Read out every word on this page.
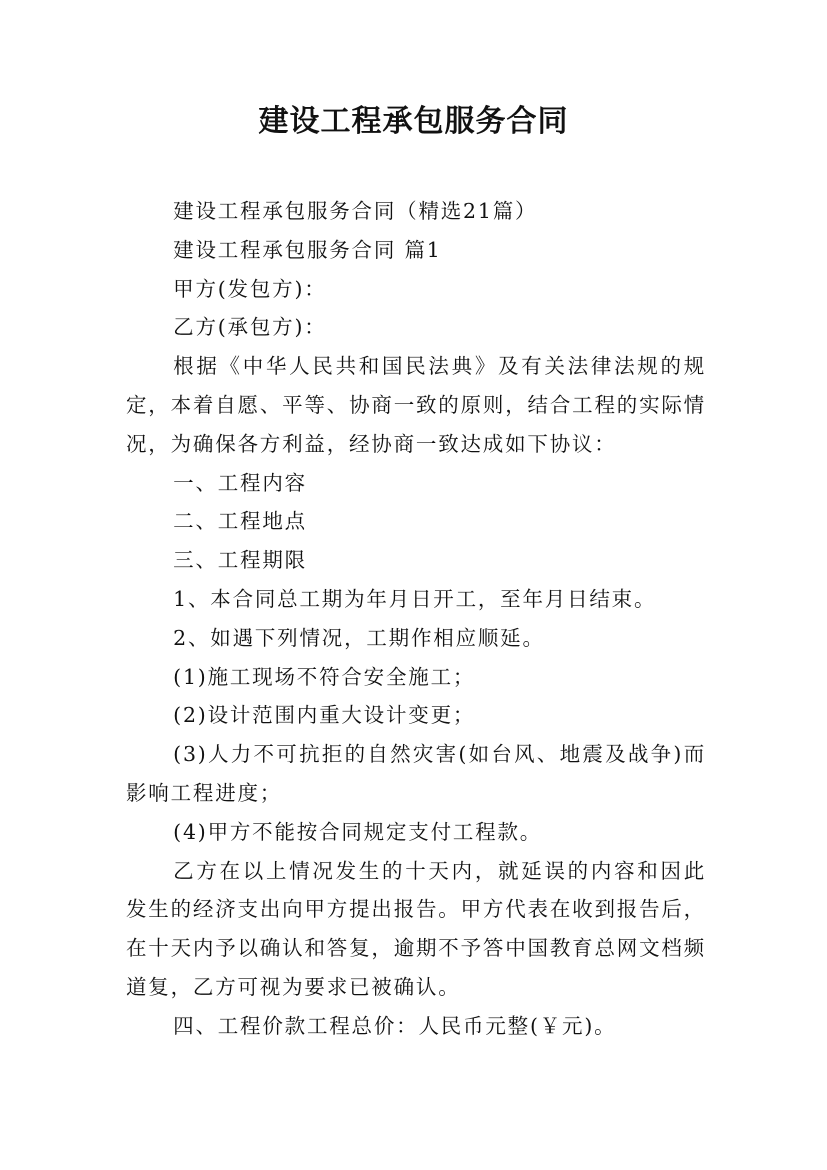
建设工程承包服务合同

建设工程承包服务合同（精选21篇）

建设工程承包服务合同 篇1

甲方(发包方)：

乙方(承包方)：

根据《中华人民共和国民法典》及有关法律法规的规定，本着自愿、平等、协商一致的原则，结合工程的实际情况，为确保各方利益，经协商一致达成如下协议：

一、工程内容

二、工程地点

三、工程期限

1、本合同总工期为年月日开工，至年月日结束。

2、如遇下列情况，工期作相应顺延。

(1)施工现场不符合安全施工；

(2)设计范围内重大设计变更；

(3)人力不可抗拒的自然灾害(如台风、地震及战争)而影响工程进度；

(4)甲方不能按合同规定支付工程款。

乙方在以上情况发生的十天内，就延误的内容和因此发生的经济支出向甲方提出报告。甲方代表在收到报告后，在十天内予以确认和答复，逾期不予答中国教育总网文档频道复，乙方可视为要求已被确认。

四、工程价款工程总价：人民币元整(￥元)。
